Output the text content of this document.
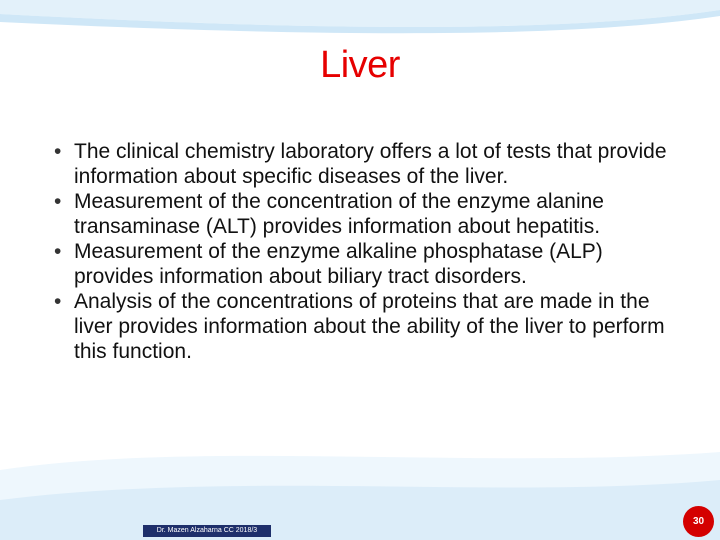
Liver
• The clinical chemistry laboratory offers a lot of tests that provide information about specific diseases of the liver.
• Measurement of the concentration of the enzyme alanine transaminase (ALT) provides information about hepatitis.
• Measurement of the enzyme alkaline phosphatase (ALP) provides information about biliary tract disorders.
• Analysis of the concentrations of proteins that are made in the liver provides information about the ability of the liver to perform this function.
Dr. Mazen Alzaharna CC 2018/3
30
